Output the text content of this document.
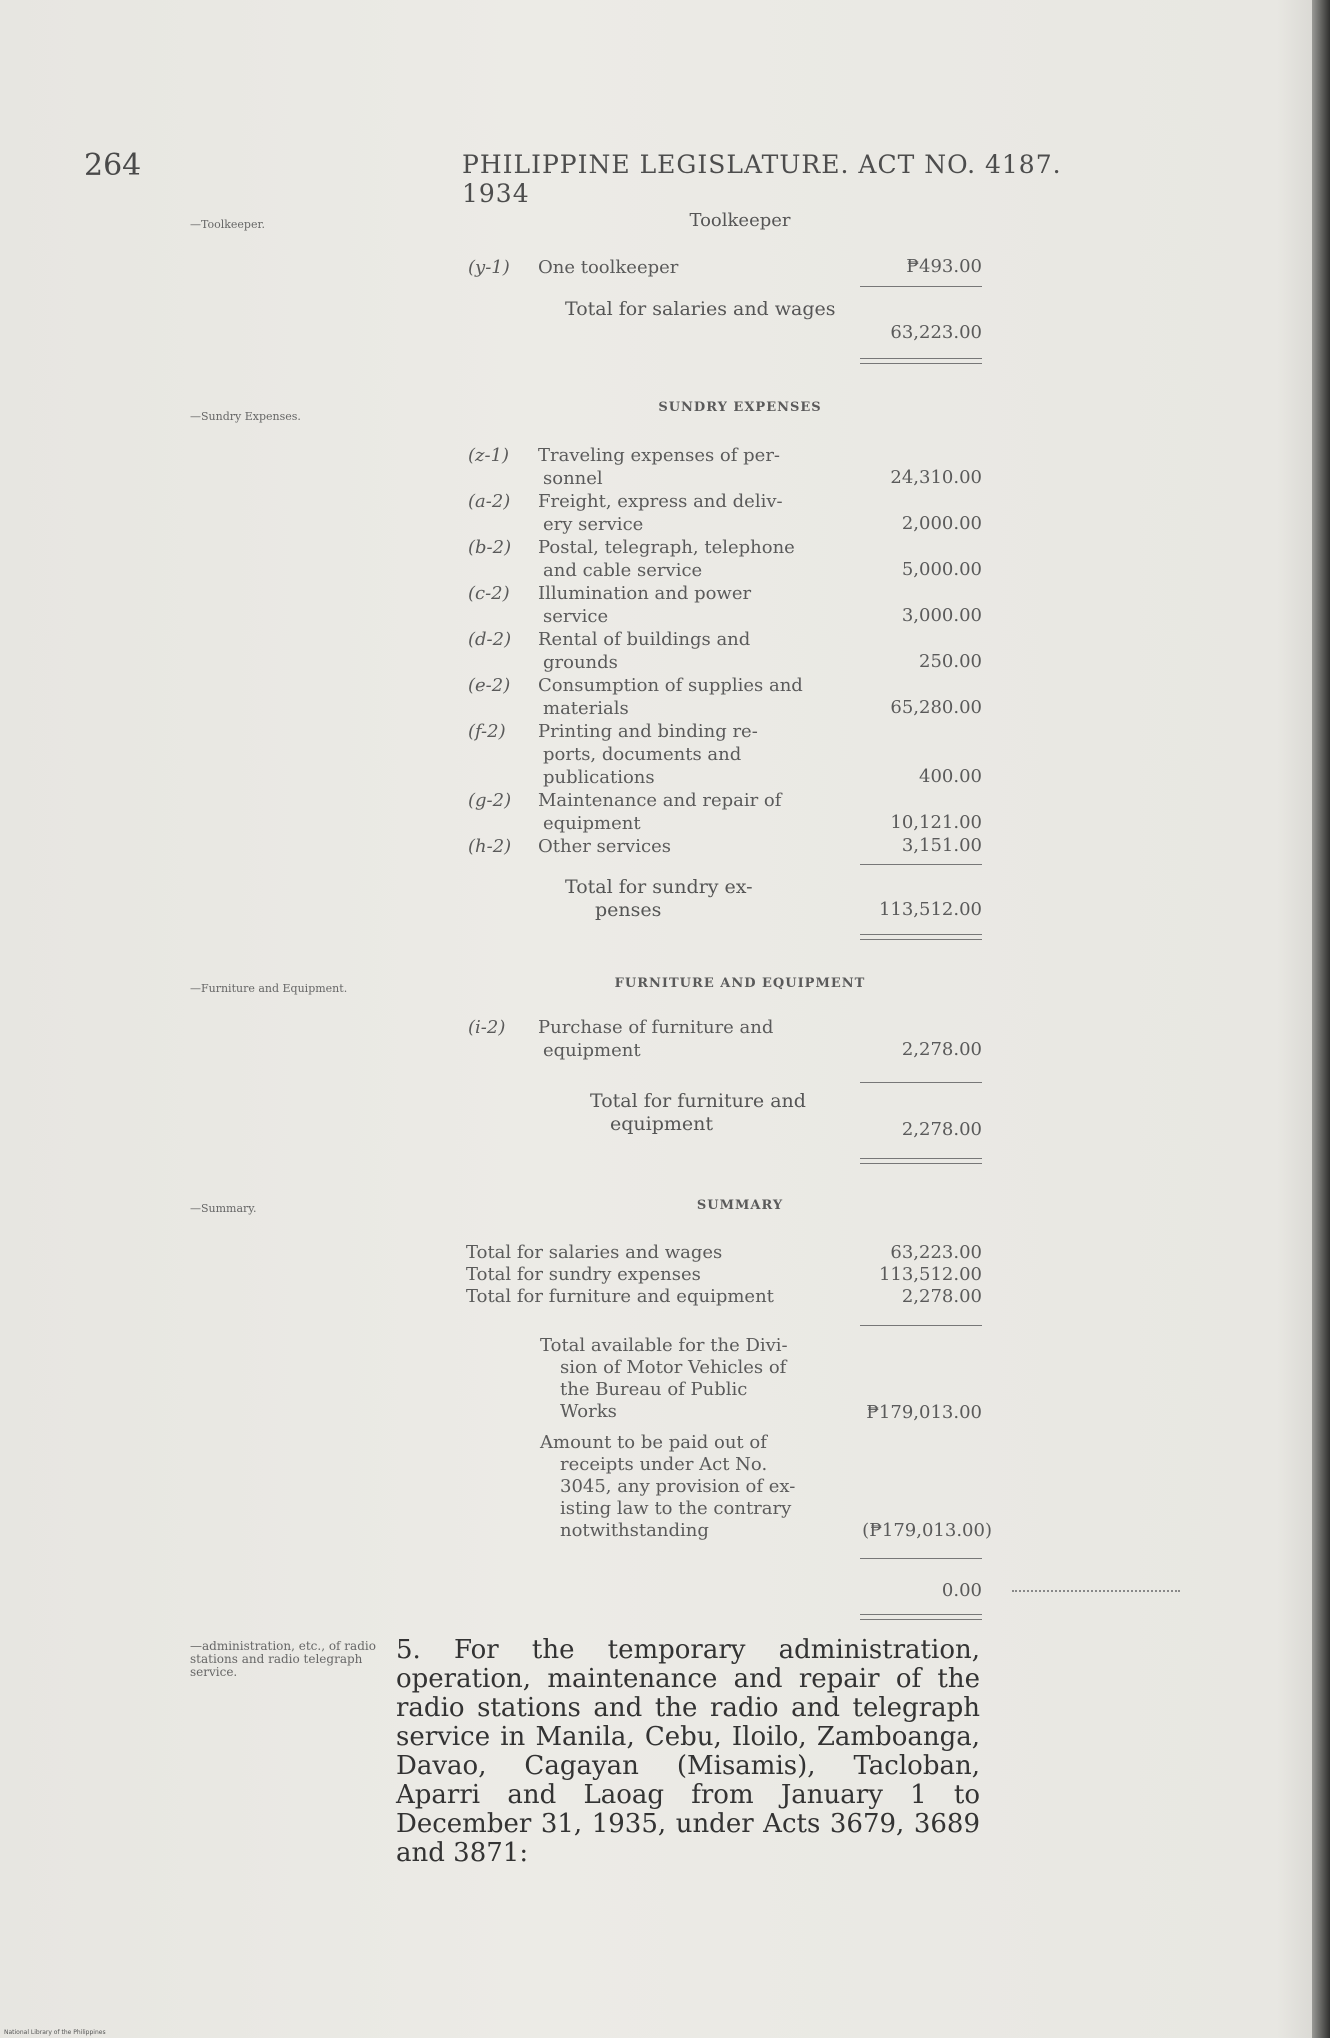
264	PHILIPPINE LEGISLATURE. ACT NO. 4187. 1934
—Toolkeeper.	Toolkeeper
(y-1) One toolkeeper	₱493.00
Total for salaries and wages
63,223.00
—Sundry Expenses.
SUNDRY EXPENSES
(z-1) Traveling expenses of per-
sonnel	24,310.00
(a-2) Freight, express and deliv-
ery service	2,000.00
(b-2) Postal, telegraph, telephone
and cable service	5,000.00
(c-2) Illumination and power
service	3,000.00
(d-2) Rental of buildings and
grounds	250.00
(e-2) Consumption of supplies and
materials	65,280.00
(f-2) Printing and binding re-
ports, documents and
publications	400.00
(g-2) Maintenance and repair of
equipment	10,121.00
(h-2) Other services	3,151.00
Total for sundry ex-
penses	113,512.00
—Furniture and Equipment.	FURNITURE AND EQUIPMENT
(i-2) Purchase of furniture and
equipment	2,278.00
Total for furniture and
equipment	2,278.00
—Summary.	SUMMARY
Total for salaries and wages	63,223.00
Total for sundry expenses	113,512.00
Total for furniture and equipment	2,278.00
Total available for the Divi-
sion of Motor Vehicles of
the Bureau of Public
Works	₱179,013.00
Amount to be paid out of
receipts under Act No.
3045, any provision of ex-
isting law to the contrary
notwithstanding	(₱179,013.00)
0.00
—administration, etc., of radio stations and radio telegraph service.
5. For the temporary administration, operation, maintenance and repair of the radio stations and the radio and telegraph service in Manila, Cebu, Iloilo, Zamboanga, Davao, Cagayan (Misamis), Tacloban, Aparri and Laoag from January 1 to December 31, 1935, under Acts 3679, 3689 and 3871:
National Library of the Philippines
